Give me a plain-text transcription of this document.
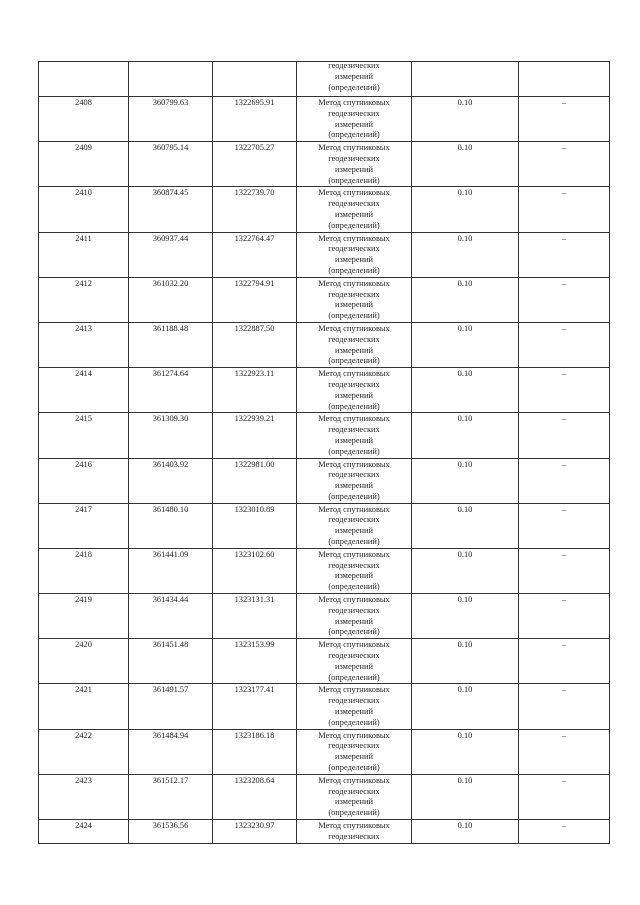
			геодезических
измерений
(определений)		

2408	360799.63	1322695.91	Метод спутниковых
геодезических
измерений
(определений)	0.10	–
2409	360795.14	1322705.27	Метод спутниковых
геодезических
измерений
(определений)	0.10	–
2410	360874.45	1322739.70	Метод спутниковых
геодезических
измерений
(определений)	0.10	–
2411	360937.44	1322764.47	Метод спутниковых
геодезических
измерений
(определений)	0.10	–
2412	361032.20	1322794.91	Метод спутниковых
геодезических
измерений
(определений)	0.10	–
2413	361188.48	1322887.50	Метод спутниковых
геодезических
измерений
(определений)	0.10	–
2414	361274.64	1322923.11	Метод спутниковых
геодезических
измерений
(определений)	0.10	–
2415	361309.30	1322939.21	Метод спутниковых
геодезических
измерений
(определений)	0.10	–
2416	361403.92	1322981.00	Метод спутниковых
геодезических
измерений
(определений)	0.10	–
2417	361480.10	1323010.89	Метод спутниковых
геодезических
измерений
(определений)	0.10	–
2418	361441.09	1323102.60	Метод спутниковых
геодезических
измерений
(определений)	0.10	–
2419	361434.44	1323131.31	Метод спутниковых
геодезических
измерений
(определений)	0.10	–
2420	361451.48	1323153.99	Метод спутниковых
геодезических
измерений
(определений)	0.10	–
2421	361491.57	1323177.41	Метод спутниковых
геодезических
измерений
(определений)	0.10	–
2422	361484.94	1323186.18	Метод спутниковых
геодезических
измерений
(определений)	0.10	–
2423	361512.17	1323208.64	Метод спутниковых
геодезических
измерений
(определений)	0.10	–
2424	361536.56	1323230.97	Метод спутниковых
геодезических	0.10	–
